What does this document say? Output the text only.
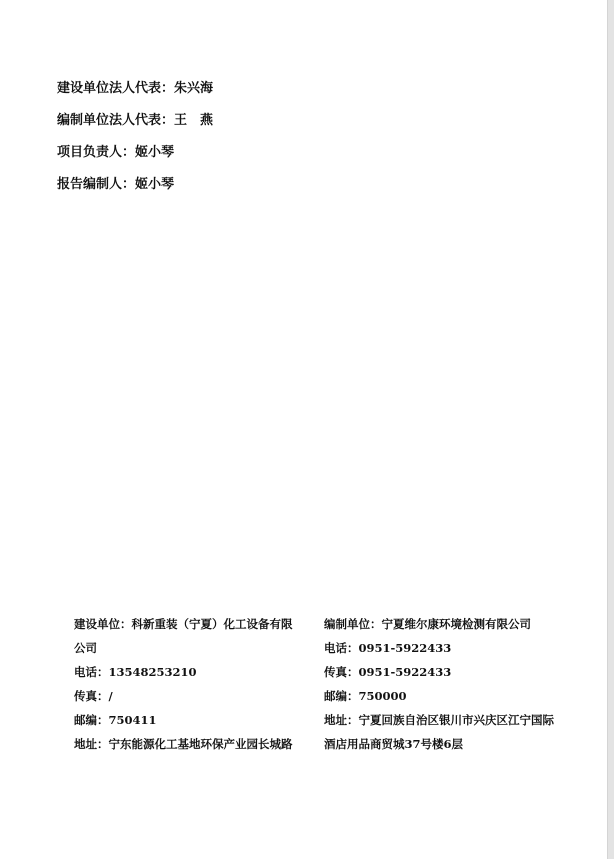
建设单位法人代表：朱兴海
编制单位法人代表：王　燕
项目负责人：姬小琴
报告编制人：姬小琴
建设单位：科新重装（宁夏）化工设备有限公司
电话：13548253210
传真：/
邮编：750411
地址：宁东能源化工基地环保产业园长城路
编制单位：宁夏维尔康环境检测有限公司
电话：0951-5922433
传真：0951-5922433
邮编：750000
地址：宁夏回族自治区银川市兴庆区江宁国际酒店用品商贸城37号楼6层
